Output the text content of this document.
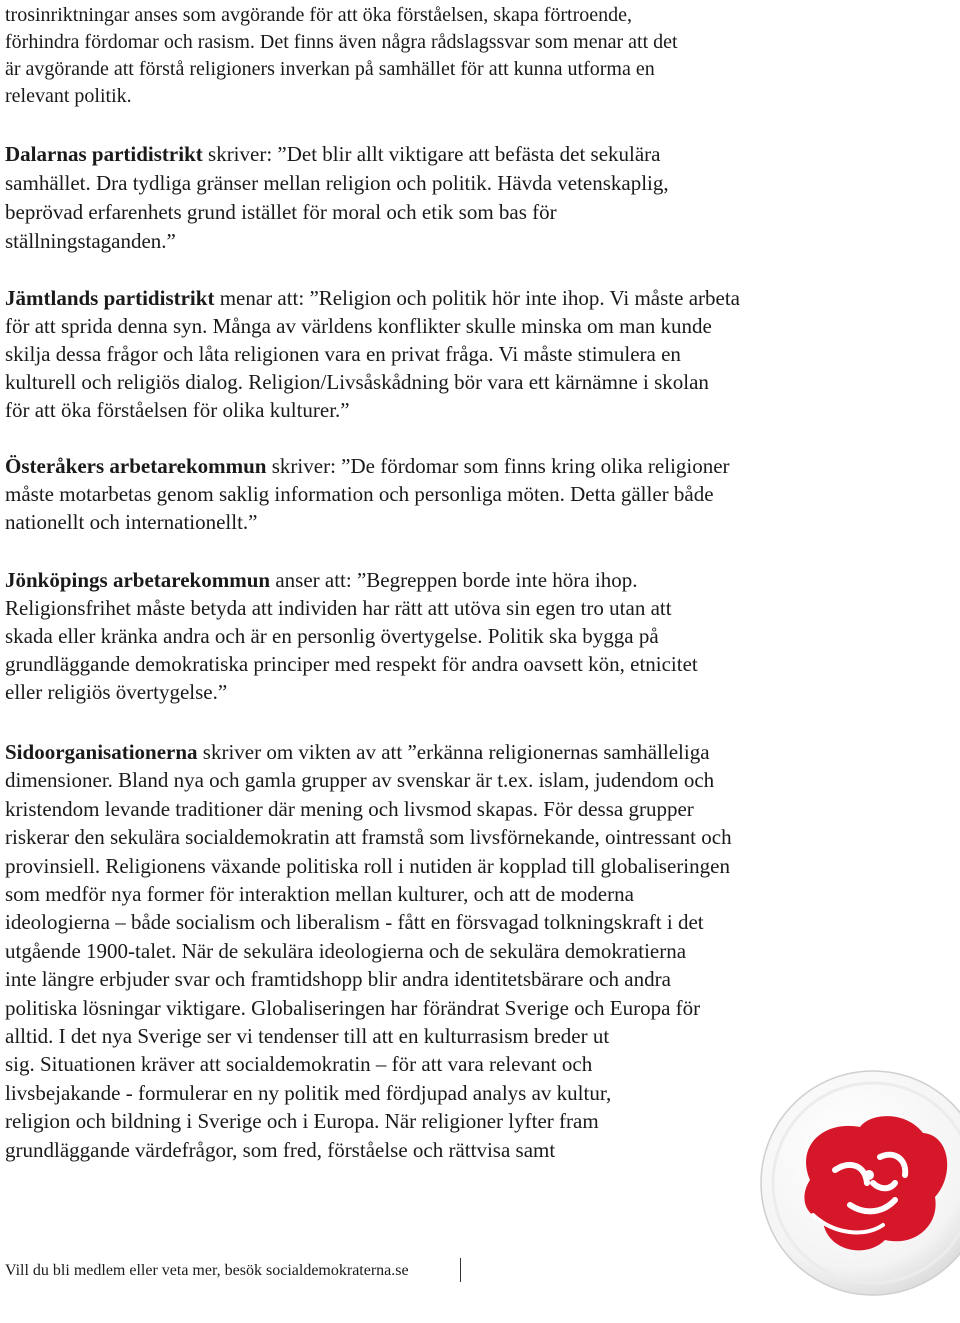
trosinriktningar anses som avgörande för att öka förståelsen, skapa förtroende,
förhindra fördomar och rasism. Det finns även några rådslagssvar som menar att det
är avgörande att förstå religioners inverkan på samhället för att kunna utforma en
relevant politik.
Dalarnas partidistrikt skriver: ”Det blir allt viktigare att befästa det sekulära
samhället. Dra tydliga gränser mellan religion och politik. Hävda vetenskaplig,
beprövad erfarenhets grund istället för moral och etik som bas för
ställningstaganden.”
Jämtlands partidistrikt menar att: ”Religion och politik hör inte ihop. Vi måste arbeta
för att sprida denna syn. Många av världens konflikter skulle minska om man kunde
skilja dessa frågor och låta religionen vara en privat fråga. Vi måste stimulera en
kulturell och religiös dialog. Religion/Livsåskådning bör vara ett kärnämne i skolan
för att öka förståelsen för olika kulturer.”
Österåkers arbetarekommun skriver: ”De fördomar som finns kring olika religioner
måste motarbetas genom saklig information och personliga möten. Detta gäller både
nationellt och internationellt.”
Jönköpings arbetarekommun anser att: ”Begreppen borde inte höra ihop.
Religionsfrihet måste betyda att individen har rätt att utöva sin egen tro utan att
skada eller kränka andra och är en personlig övertygelse. Politik ska bygga på
grundläggande demokratiska principer med respekt för andra oavsett kön, etnicitet
eller religiös övertygelse.”
Sidoorganisationerna skriver om vikten av att ”erkänna religionernas samhälleliga
dimensioner. Bland nya och gamla grupper av svenskar är t.ex. islam, judendom och
kristendom levande traditioner där mening och livsmod skapas. För dessa grupper
riskerar den sekulära socialdemokratin att framstå som livsförnekande, ointressant och
provinsiell. Religionens växande politiska roll i nutiden är kopplad till globaliseringen
som medför nya former för interaktion mellan kulturer, och att de moderna
ideologierna – både socialism och liberalism - fått en försvagad tolkningskraft i det
utgående 1900-talet. När de sekulära ideologierna och de sekulära demokratierna
inte längre erbjuder svar och framtidshopp blir andra identitetsbärare och andra
politiska lösningar viktigare. Globaliseringen har förändrat Sverige och Europa för
alltid. I det nya Sverige ser vi tendenser till att en kulturrasism breder ut
sig. Situationen kräver att socialdemokratin – för att vara relevant och
livsbejakande - formulerar en ny politik med fördjupad analys av kultur,
religion och bildning i Sverige och i Europa. När religioner lyfter fram
grundläggande värdefrågor, som fred, förståelse och rättvisa samt
Vill du bli medlem eller veta mer, besök socialdemokraterna.se
